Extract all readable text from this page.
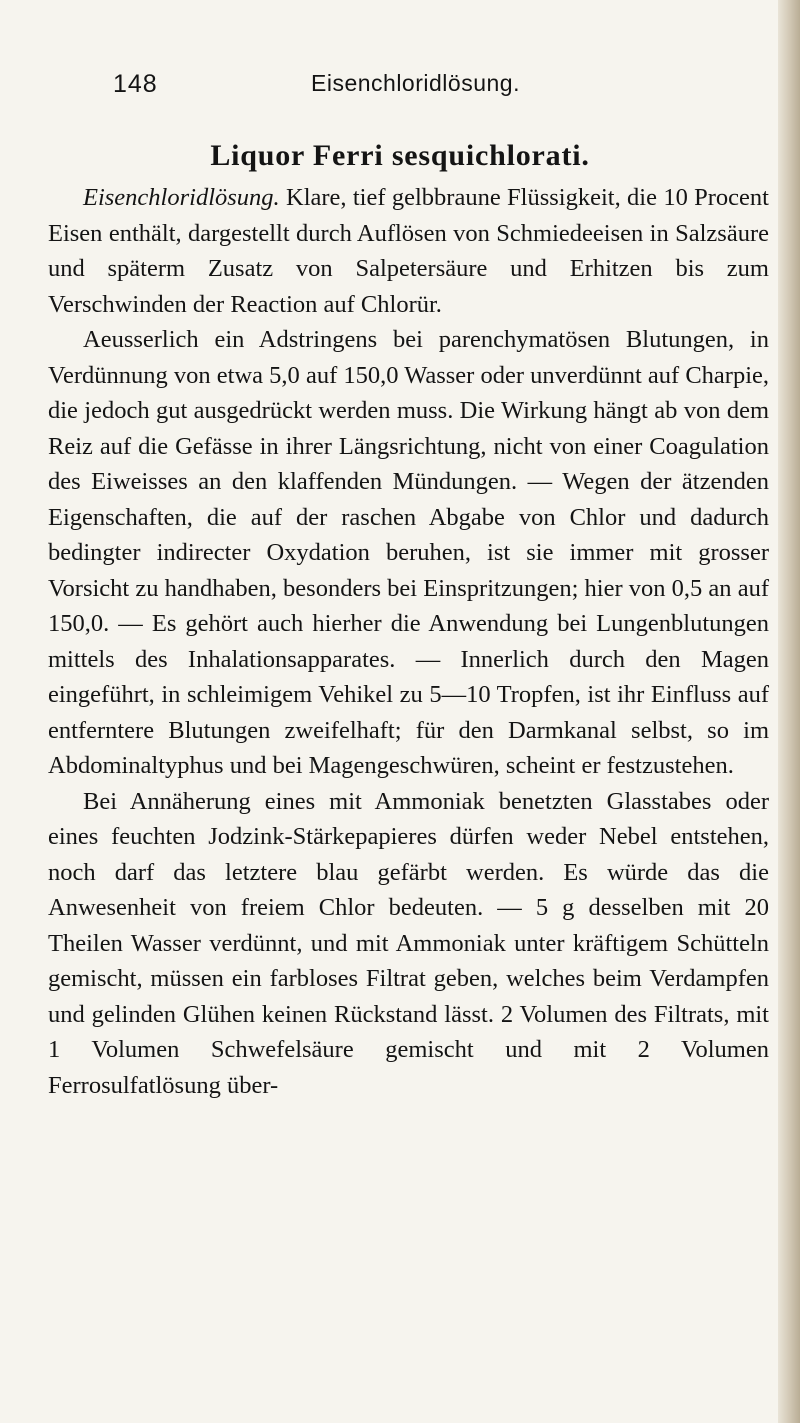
148	Eisenchloridlösung.
Liquor Ferri sesquichlorati.

Eisenchloridlösung. Klare, tief gelbbraune Flüssigkeit, die 10 Procent Eisen enthält, dargestellt durch Auflösen von Schmiedeeisen in Salzsäure und späterm Zusatz von Salpetersäure und Erhitzen bis zum Verschwinden der Reaction auf Chlorür.

Aeusserlich ein Adstringens bei parenchymatösen Blutungen, in Verdünnung von etwa 5,0 auf 150,0 Wasser oder unverdünnt auf Charpie, die jedoch gut ausgedrückt werden muss. Die Wirkung hängt ab von dem Reiz auf die Gefässe in ihrer Längsrichtung, nicht von einer Coagulation des Eiweisses an den klaffenden Mündungen. — Wegen der ätzenden Eigenschaften, die auf der raschen Abgabe von Chlor und dadurch bedingter indirecter Oxydation beruhen, ist sie immer mit grosser Vorsicht zu handhaben, besonders bei Einspritzungen; hier von 0,5 an auf 150,0. — Es gehört auch hierher die Anwendung bei Lungenblutungen mittels des Inhalationsapparates. — Innerlich durch den Magen eingeführt, in schleimigem Vehikel zu 5—10 Tropfen, ist ihr Einfluss auf entferntere Blutungen zweifelhaft; für den Darmkanal selbst, so im Abdominaltyphus und bei Magengeschwüren, scheint er festzustehen.

Bei Annäherung eines mit Ammoniak benetzten Glasstabes oder eines feuchten Jodzink-Stärkepapieres dürfen weder Nebel entstehen, noch darf das letztere blau gefärbt werden. Es würde das die Anwesenheit von freiem Chlor bedeuten. — 5 g desselben mit 20 Theilen Wasser verdünnt, und mit Ammoniak unter kräftigem Schütteln gemischt, müssen ein farbloses Filtrat geben, welches beim Verdampfen und gelinden Glühen keinen Rückstand lässt. 2 Volumen des Filtrats, mit 1 Volumen Schwefelsäure gemischt und mit 2 Volumen Ferrosulfatlösung über-
